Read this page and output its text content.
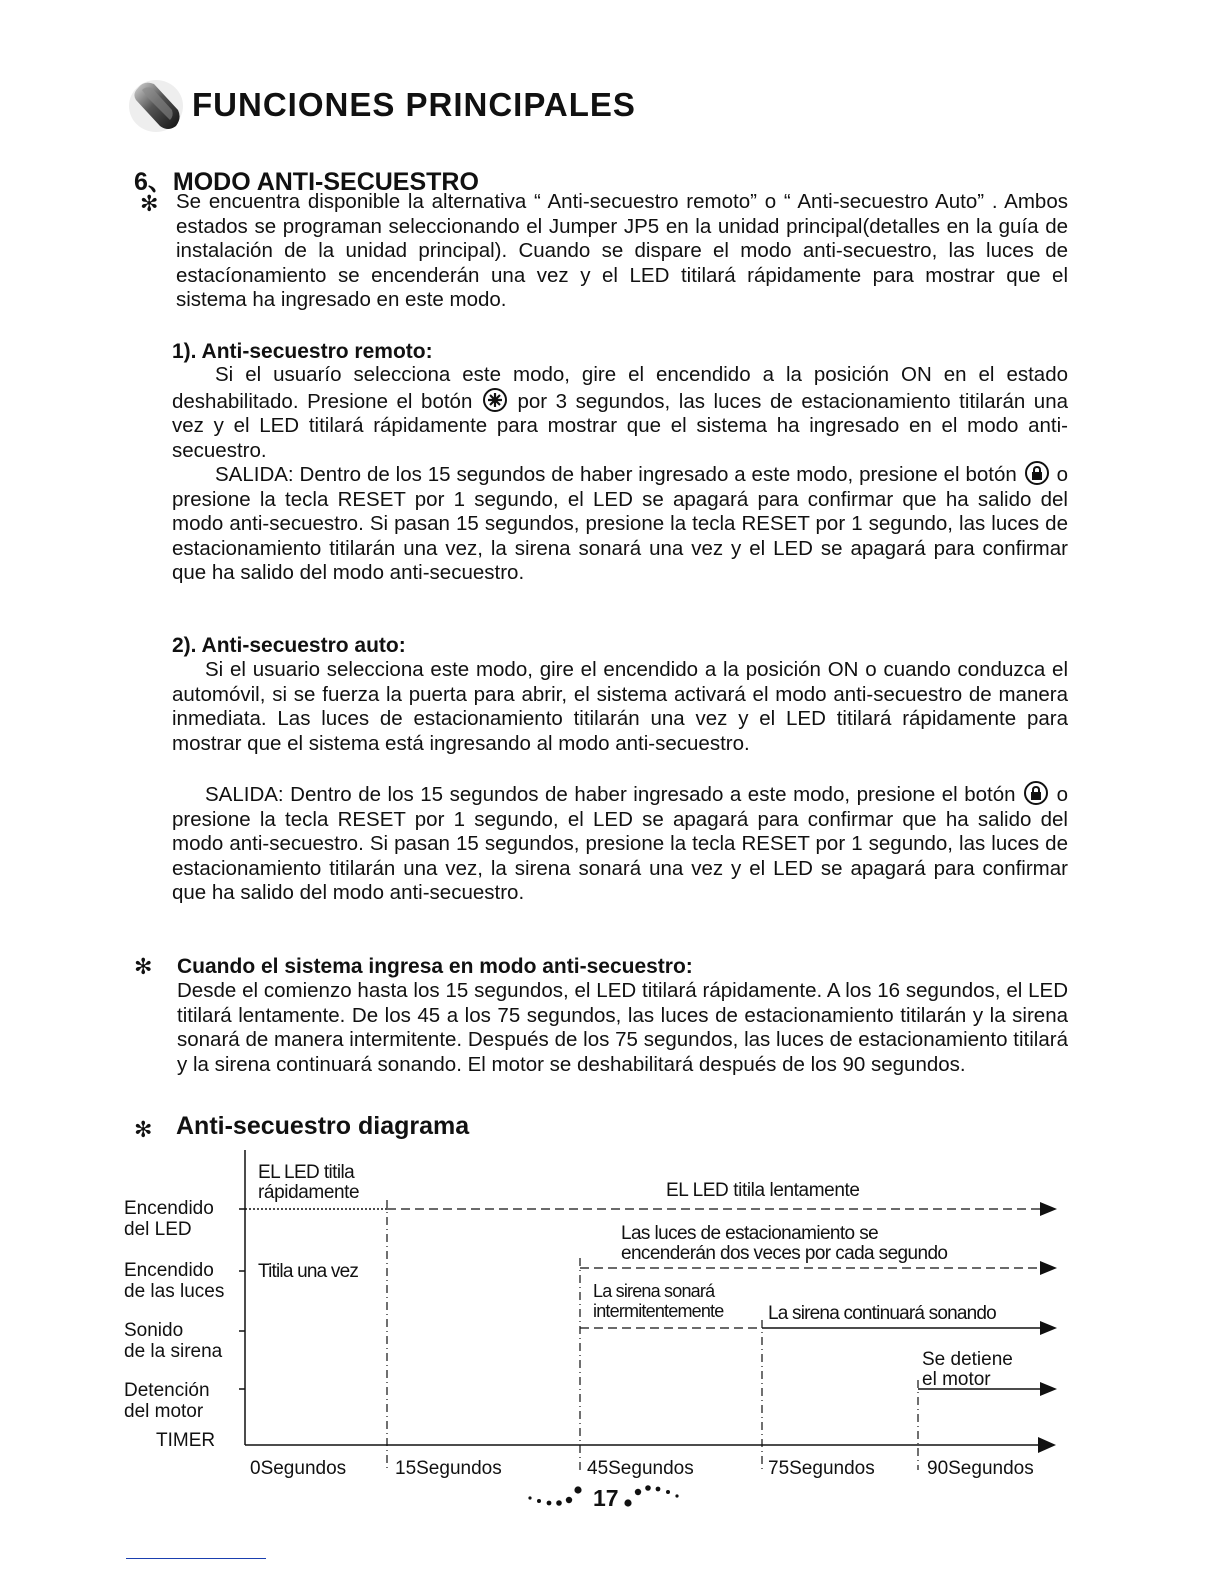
FUNCIONES PRINCIPALES
6、MODO ANTI-SECUESTRO
✻ Se encuentra disponible la alternativa “ Anti-secuestro remoto” o “ Anti-secuestro Auto” . Ambos estados se programan seleccionando el Jumper JP5 en la unidad principal(detalles en la guía de instalación de la unidad principal). Cuando se dispare el modo anti-secuestro, las luces de estacíonamiento se encenderán una vez y el LED titilará rápidamente para mostrar que el sistema ha ingresado en este modo.
1). Anti-secuestro remoto:
Si el usuarío selecciona este modo, gire el encendido a la posición ON en el estado deshabilitado. Presione el botón por 3 segundos, las luces de estacionamiento titilarán una vez y el LED titilará rápidamente para mostrar que el sistema ha ingresado en el modo anti-secuestro.
SALIDA: Dentro de los 15 segundos de haber ingresado a este modo, presione el botón o presione la tecla RESET por 1 segundo, el LED se apagará para confirmar que ha salido del modo anti-secuestro. Si pasan 15 segundos, presione la tecla RESET por 1 segundo, las luces de estacionamiento titilarán una vez, la sirena sonará una vez y el LED se apagará para confirmar que ha salido del modo anti-secuestro.
2). Anti-secuestro auto:
Si el usuario selecciona este modo, gire el encendido a la posición ON o cuando conduzca el automóvil, si se fuerza la puerta para abrir, el sistema activará el modo anti-secuestro de manera inmediata. Las luces de estacionamiento titilarán una vez y el LED titilará rápidamente para mostrar que el sistema está ingresando al modo anti-secuestro.
SALIDA: Dentro de los 15 segundos de haber ingresado a este modo, presione el botón o presione la tecla RESET por 1 segundo, el LED se apagará para confirmar que ha salido del modo anti-secuestro. Si pasan 15 segundos, presione la tecla RESET por 1 segundo, las luces de estacionamiento titilarán una vez, la sirena sonará una vez y el LED se apagará para confirmar que ha salido del modo anti-secuestro.
✻ Cuando el sistema ingresa en modo anti-secuestro:
Desde el comienzo hasta los 15 segundos, el LED titilará rápidamente. A los 16 segundos, el LED titilará lentamente. De los 45 a los 75 segundos, las luces de estacionamiento titilarán y la sirena sonará de manera intermitente. Después de los 75 segundos, las luces de estacionamiento titilará y la sirena continuará sonando. El motor se deshabilitará después de los 90 segundos.
✻ Anti-secuestro diagrama
Encendido
del LED
Encendido
de las luces
Sonido
de la sirena
Detención
del motor
TIMER
EL LED titila
rápidamente	EL LED titila lentamente
Titila una vez
Las luces de estacionamiento se
encenderán dos veces por cada segundo
La sirena sonará
intermitentemente La sirena continuará sonando
Se detiene
el motor
0Segundos	15Segundos	45Segundos	75Segundos	90Segundos
17
